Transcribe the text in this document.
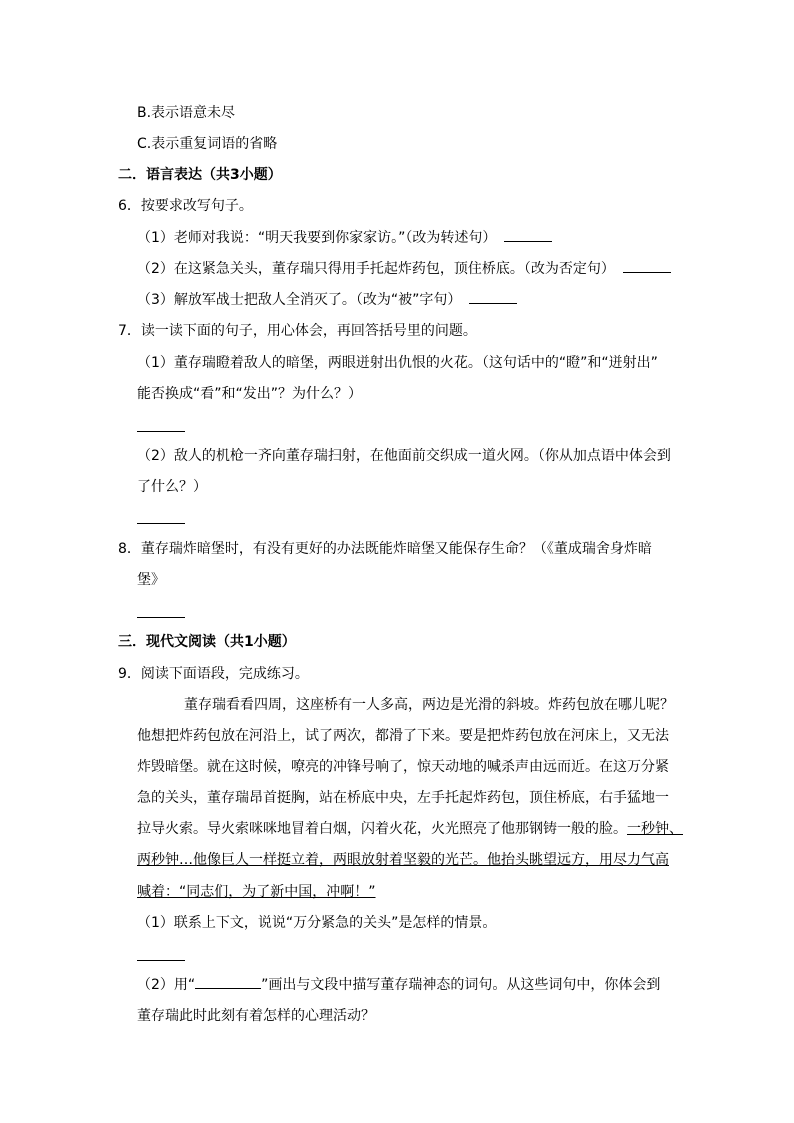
B.表示语意未尽
C.表示重复词语的省略
二．语言表达（共3小题）
6．按要求改写句子。
（1）老师对我说：“明天我要到你家家访。”（改为转述句）
（2）在这紧急关头，董存瑞只得用手托起炸药包，顶住桥底。（改为否定句）
（3）解放军战士把敌人全消灭了。（改为“被”字句）
7．读一读下面的句子，用心体会，再回答括号里的问题。
（1）董存瑞瞪着敌人的暗堡，两眼迸射出仇恨的火花。（这句话中的“瞪”和“迸射出”
能否换成“看”和“发出”？为什么？）
（2）敌人的机枪一齐向董存瑞扫射，在他面前交织成一道火网。（你从加点语中体会到
了什么？）
8．董存瑞炸暗堡时，有没有更好的办法既能炸暗堡又能保存生命？（《董成瑞舍身炸暗
堡》
三．现代文阅读（共1小题）
9．阅读下面语段，完成练习。
董存瑞看看四周，这座桥有一人多高，两边是光滑的斜坡。炸药包放在哪儿呢？
他想把炸药包放在河沿上，试了两次，都滑了下来。要是把炸药包放在河床上，又无法
炸毁暗堡。就在这时候，嘹亮的冲锋号响了，惊天动地的喊杀声由远而近。在这万分紧
急的关头，董存瑞昂首挺胸，站在桥底中央，左手托起炸药包，顶住桥底，右手猛地一
拉导火索。导火索咪咪地冒着白烟，闪着火花，火光照亮了他那钢铸一般的脸。一秒钟、
两秒钟…他像巨人一样挺立着，两眼放射着坚毅的光芒。他抬头眺望远方，用尽力气高
喊着：“同志们，为了新中国，冲啊！”
（1）联系上下文，说说“万分紧急的关头”是怎样的情景。
（2）用“	”画出与文段中描写董存瑞神态的词句。从这些词句中，你体会到
董存瑞此时此刻有着怎样的心理活动？
